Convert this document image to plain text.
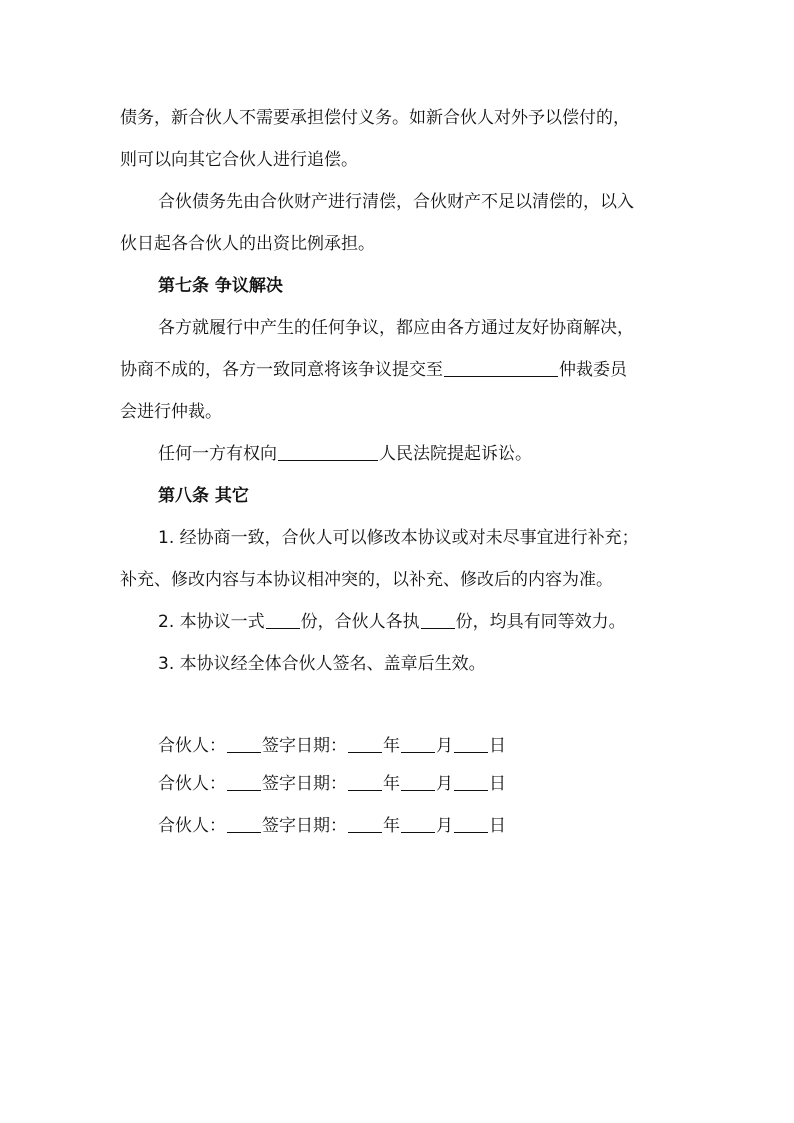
债务，新合伙人不需要承担偿付义务。如新合伙人对外予以偿付的，
则可以向其它合伙人进行追偿。
合伙债务先由合伙财产进行清偿，合伙财产不足以清偿的，以入
伙日起各合伙人的出资比例承担。
第七条 争议解决
各方就履行中产生的任何争议，都应由各方通过友好协商解决，
协商不成的，各方一致同意将该争议提交至	仲裁委员
会进行仲裁。
任何一方有权向	人民法院提起诉讼。
第八条 其它
1. 经协商一致，合伙人可以修改本协议或对未尽事宜进行补充；
补充、修改内容与本协议相冲突的，以补充、修改后的内容为准。
2. 本协议一式 份，合伙人各执 份，均具有同等效力。
3. 本协议经全体合伙人签名、盖章后生效。
合伙人： 签字日期： 年 月 日
合伙人： 签字日期： 年 月 日
合伙人： 签字日期： 年 月 日
